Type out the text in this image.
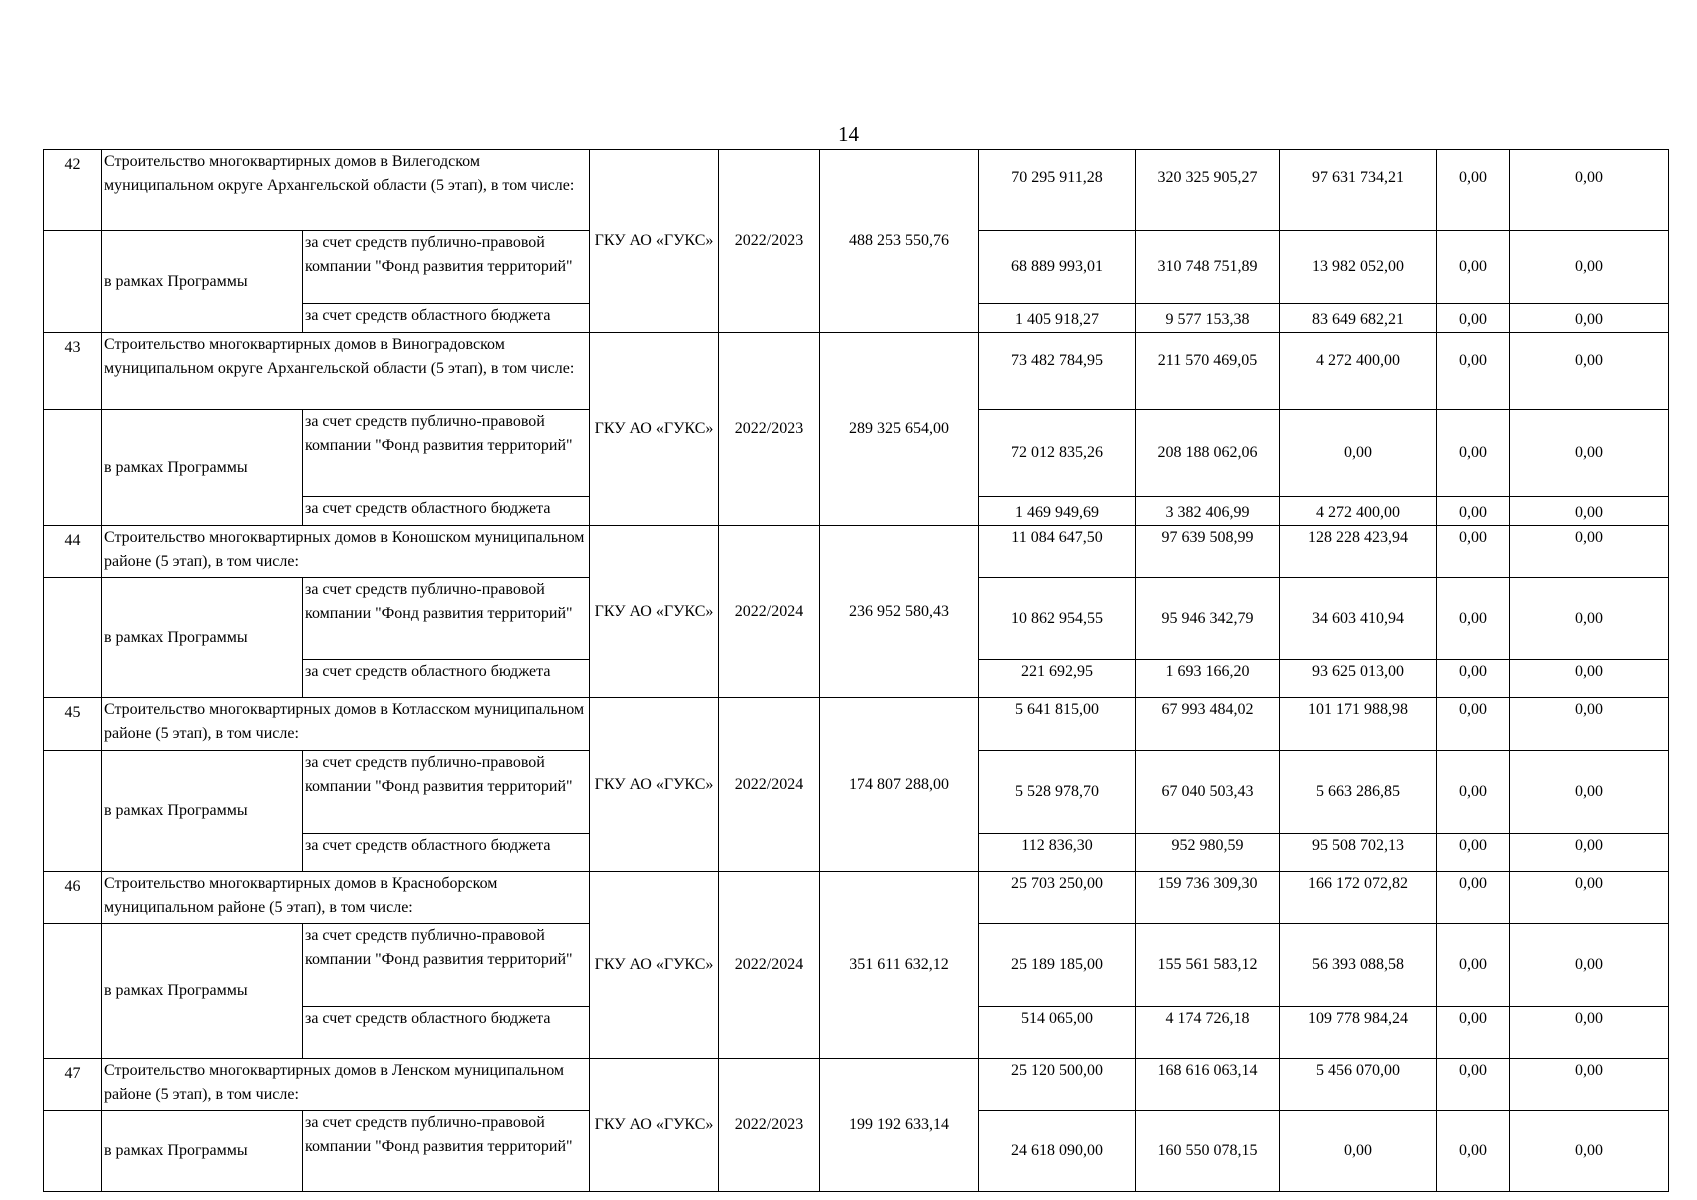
14
42	Строительство многоквартирных домов в Вилегодском муниципальном округе Архангельской области (5 этап), в том числе:		ГКУ АО «ГУКС»	2022/2023	488 253 550,76	70 295 911,28	320 325 905,27	97 631 734,21	0,00	0,00
	в рамках Программы	за счет средств публично-правовой компании "Фонд развития территорий"				68 889 993,01	310 748 751,89	13 982 052,00	0,00	0,00
		за счет средств областного бюджета				1 405 918,27	9 577 153,38	83 649 682,21	0,00	0,00
43	Строительство многоквартирных домов в Виноградовском муниципальном округе Архангельской области (5 этап), в том числе:		ГКУ АО «ГУКС»	2022/2023	289 325 654,00	73 482 784,95	211 570 469,05	4 272 400,00	0,00	0,00
	в рамках Программы	за счет средств публично-правовой компании "Фонд развития территорий"				72 012 835,26	208 188 062,06	0,00	0,00	0,00
		за счет средств областного бюджета				1 469 949,69	3 382 406,99	4 272 400,00	0,00	0,00
44	Строительство многоквартирных домов в Коношском муниципальном районе (5 этап), в том числе:		ГКУ АО «ГУКС»	2022/2024	236 952 580,43	11 084 647,50	97 639 508,99	128 228 423,94	0,00	0,00
	в рамках Программы	за счет средств публично-правовой компании "Фонд развития территорий"				10 862 954,55	95 946 342,79	34 603 410,94	0,00	0,00
		за счет средств областного бюджета				221 692,95	1 693 166,20	93 625 013,00	0,00	0,00
45	Строительство многоквартирных домов в Котласском муниципальном районе (5 этап), в том числе:		ГКУ АО «ГУКС»	2022/2024	174 807 288,00	5 641 815,00	67 993 484,02	101 171 988,98	0,00	0,00
	в рамках Программы	за счет средств публично-правовой компании "Фонд развития территорий"				5 528 978,70	67 040 503,43	5 663 286,85	0,00	0,00
		за счет средств областного бюджета				112 836,30	952 980,59	95 508 702,13	0,00	0,00
46	Строительство многоквартирных домов в Красноборском муниципальном районе (5 этап), в том числе:		ГКУ АО «ГУКС»	2022/2024	351 611 632,12	25 703 250,00	159 736 309,30	166 172 072,82	0,00	0,00
	в рамках Программы	за счет средств публично-правовой компании "Фонд развития территорий"				25 189 185,00	155 561 583,12	56 393 088,58	0,00	0,00
		за счет средств областного бюджета				514 065,00	4 174 726,18	109 778 984,24	0,00	0,00
47	Строительство многоквартирных домов в Ленском муниципальном районе (5 этап), в том числе:		ГКУ АО «ГУКС»	2022/2023	199 192 633,14	25 120 500,00	168 616 063,14	5 456 070,00	0,00	0,00
	в рамках Программы	за счет средств публично-правовой компании "Фонд развития территорий"				24 618 090,00	160 550 078,15	0,00	0,00	0,00
